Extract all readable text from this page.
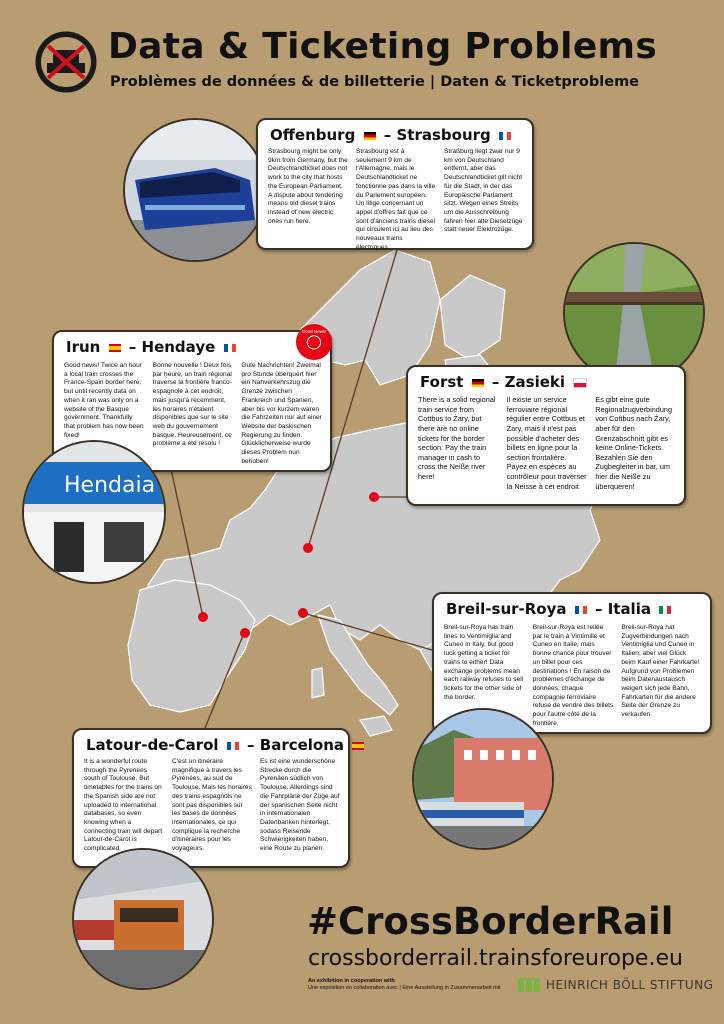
Data & Ticketing Problems
Problèmes de données & de billetterie | Daten & Ticketprobleme
Offenburg  – Strasbourg
Strasbourg might be only 9km from Germany, but the Deutschlandticket does not work to the city that hosts the European Parliament. A dispute about tendering means old diesel trains instead of new electric ones run here.
Strasbourg est à seulement 9 km de l'Allemagne, mais le Deutschlandticket ne fonctionne pas dans la ville du Parlement européen. Un litige concernant un appel d'offres fait que ce sont d'anciens trains diesel qui circulent ici au lieu des nouveaux trains électriques.
Straßburg liegt zwar nur 9 km von Deutschland entfernt, aber das Deutschlandticket gilt nicht für die Stadt, in der das Europäische Parlament sitzt. Wegen eines Streits um die Ausschreibung fahren hier alte Dieselzüge statt neuer Elektrozüge.
Irun  – Hendaye
Good news! Twice an hour a local train crosses the France-Spain border here, but until recently data on when it ran was only on a website of the Basque government. Thankfully that problem has now been fixed!
Bonne nouvelle ! Deux fois par heure, un train régional traverse la frontière franco-espagnole à cet endroit, mais jusqu'à récemment, les horaires n'étaient disponibles que sur le site web du gouvernement basque. Heureusement, ce problème a été résolu !
Gute Nachrichten! Zweimal pro Stunde überquert hier ein Nahverkehrszug die Grenze zwischen Frankreich und Spanien, aber bis vor kurzem waren die Fahrzeiten nur auf einer Website der baskischen Regierung zu finden. Glücklicherweise wurde dieses Problem nun behoben!
Good News!
◯
Hendaia
Forst  – Zasieki
There is a solid regional train service from Cottbus to Żary, but there are no online tickets for the border section. Pay the train manager in cash to cross the Neiße river here!
Il existe un service ferroviaire régional régulier entre Cottbus et Żary, mais il n'est pas possible d'acheter des billets en ligne pour la section frontalière. Payez en espèces au contrôleur pour traverser la Neisse à cet endroit
Es gibt eine gute Regionalzugverbindung von Cottbus nach Żary, aber für den Grenzabschnitt gibt es keine Online-Tickets. Bezahlen Sie den Zugbegleiter in bar, um hier die Neiße zu überqueren!
Breil-sur-Roya  – Italia
Breil-sur-Roya has train lines to Ventimiglia and Cuneo in Italy, but good luck getting a ticket for trains to either! Data exchange problems mean each railway refuses to sell tickets for the other side of the border.
Breil-sur-Roya est reliée par le train à Vintimille et Cuneo en Italie, mais bonne chance pour trouver un billet pour ces destinations ! En raison de problèmes d'échange de données, chaque compagnie ferroviaire refuse de vendre des billets pour l'autre côté de la frontière.
Breil-sur-Roya hat Zugverbindungen nach Ventimiglia und Cuneo in Italien, aber viel Glück beim Kauf einer Fahrkarte! Aufgrund von Problemen beim Datenaustausch weigert sich jede Bahn, Fahrkarten für die andere Seite der Grenze zu verkaufen.
Latour-de-Carol  – Barcelona
It is a wonderful route through the Pyrenees south of Toulouse. But timetables for the trains on the Spanish side are not uploaded to international databases, so even knowing when a connecting train will depart Latour-de-Carol is complicated.
C'est un itinéraire magnifique à travers les Pyrénées, au sud de Toulouse. Mais les horaires des trains espagnols ne sont pas disponibles sur les bases de données internationales, ce qui complique la recherche d'itinéraires pour les voyageurs.
Es ist eine wunderschöne Strecke durch die Pyrenäen südlich von Toulouse. Allerdings sind die Fahrpläne der Züge auf der spanischen Seite nicht in internationalen Datenbanken hinterlegt, sodass Reisende Schwierigkeiten haben, eine Route zu planen.
#CrossBorderRail
crossborderrail.trainsforeurope.eu
An exhibition in cooperation with
Une exposition en collaboration avec | Eine Ausstellung in Zusammenarbeit mit	HEINRICH BÖLL STIFTUNG
